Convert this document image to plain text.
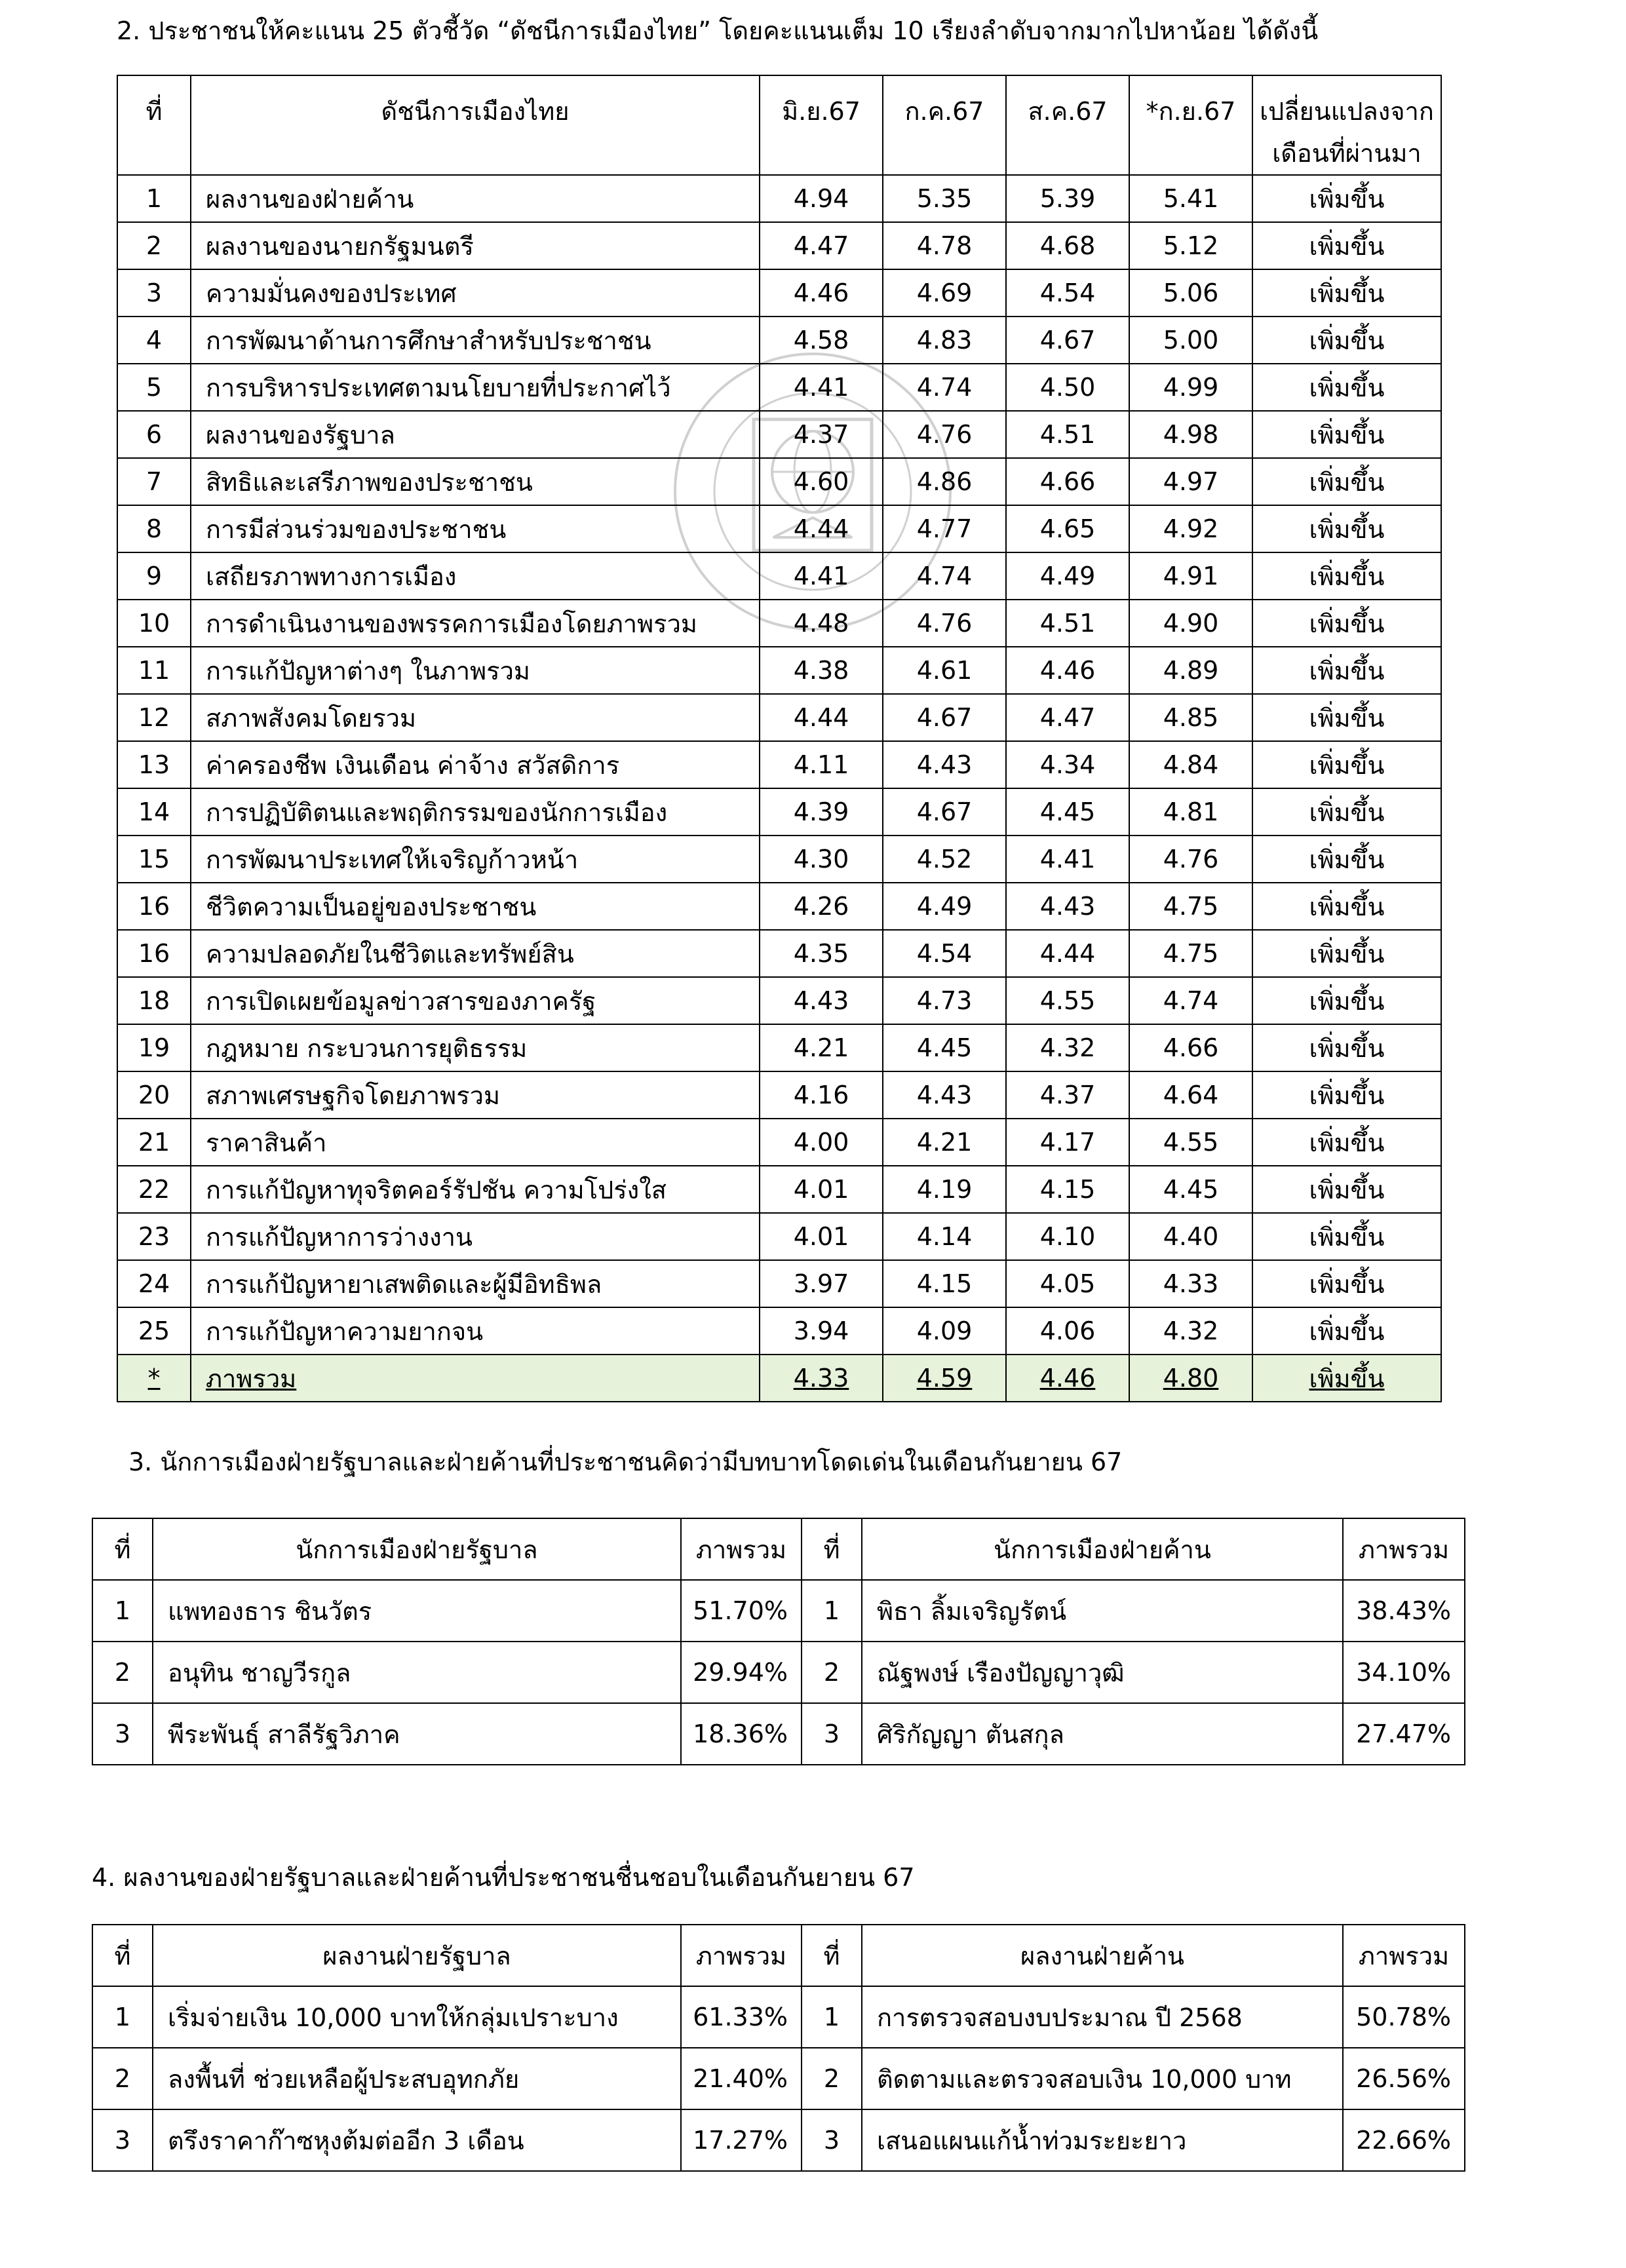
2. ประชาชนให้คะแนน 25 ตัวชี้วัด “ดัชนีการเมืองไทย” โดยคะแนนเต็ม 10 เรียงลำดับจากมากไปหาน้อย ได้ดังนี้
ที่	ดัชนีการเมืองไทย	มิ.ย.67	ก.ค.67	ส.ค.67	*ก.ย.67	เปลี่ยนแปลงจาก
เดือนที่ผ่านมา

1	ผลงานของฝ่ายค้าน	4.94	5.35	5.39	5.41	เพิ่มขึ้น
2	ผลงานของนายกรัฐมนตรี	4.47	4.78	4.68	5.12	เพิ่มขึ้น
3	ความมั่นคงของประเทศ	4.46	4.69	4.54	5.06	เพิ่มขึ้น
4	การพัฒนาด้านการศึกษาสำหรับประชาชน	4.58	4.83	4.67	5.00	เพิ่มขึ้น
5	การบริหารประเทศตามนโยบายที่ประกาศไว้	4.41	4.74	4.50	4.99	เพิ่มขึ้น
6	ผลงานของรัฐบาล	4.37	4.76	4.51	4.98	เพิ่มขึ้น
7	สิทธิและเสรีภาพของประชาชน	4.60	4.86	4.66	4.97	เพิ่มขึ้น
8	การมีส่วนร่วมของประชาชน	4.44	4.77	4.65	4.92	เพิ่มขึ้น
9	เสถียรภาพทางการเมือง	4.41	4.74	4.49	4.91	เพิ่มขึ้น
10	การดำเนินงานของพรรคการเมืองโดยภาพรวม	4.48	4.76	4.51	4.90	เพิ่มขึ้น
11	การแก้ปัญหาต่างๆ ในภาพรวม	4.38	4.61	4.46	4.89	เพิ่มขึ้น
12	สภาพสังคมโดยรวม	4.44	4.67	4.47	4.85	เพิ่มขึ้น
13	ค่าครองชีพ เงินเดือน ค่าจ้าง สวัสดิการ	4.11	4.43	4.34	4.84	เพิ่มขึ้น
14	การปฏิบัติตนและพฤติกรรมของนักการเมือง	4.39	4.67	4.45	4.81	เพิ่มขึ้น
15	การพัฒนาประเทศให้เจริญก้าวหน้า	4.30	4.52	4.41	4.76	เพิ่มขึ้น
16	ชีวิตความเป็นอยู่ของประชาชน	4.26	4.49	4.43	4.75	เพิ่มขึ้น
16	ความปลอดภัยในชีวิตและทรัพย์สิน	4.35	4.54	4.44	4.75	เพิ่มขึ้น
18	การเปิดเผยข้อมูลข่าวสารของภาครัฐ	4.43	4.73	4.55	4.74	เพิ่มขึ้น
19	กฎหมาย กระบวนการยุติธรรม	4.21	4.45	4.32	4.66	เพิ่มขึ้น
20	สภาพเศรษฐกิจโดยภาพรวม	4.16	4.43	4.37	4.64	เพิ่มขึ้น
21	ราคาสินค้า	4.00	4.21	4.17	4.55	เพิ่มขึ้น
22	การแก้ปัญหาทุจริตคอร์รัปชัน ความโปร่งใส	4.01	4.19	4.15	4.45	เพิ่มขึ้น
23	การแก้ปัญหาการว่างงาน	4.01	4.14	4.10	4.40	เพิ่มขึ้น
24	การแก้ปัญหายาเสพติดและผู้มีอิทธิพล	3.97	4.15	4.05	4.33	เพิ่มขึ้น
25	การแก้ปัญหาความยากจน	3.94	4.09	4.06	4.32	เพิ่มขึ้น
*	ภาพรวม	4.33	4.59	4.46	4.80	เพิ่มขึ้น
3. นักการเมืองฝ่ายรัฐบาลและฝ่ายค้านที่ประชาชนคิดว่ามีบทบาทโดดเด่นในเดือนกันยายน 67
ที่	นักการเมืองฝ่ายรัฐบาล	ภาพรวม	ที่	นักการเมืองฝ่ายค้าน	ภาพรวม
1	แพทองธาร ชินวัตร	51.70%	1	พิธา ลิ้มเจริญรัตน์	38.43%
2	อนุทิน ชาญวีรกูล	29.94%	2	ณัฐพงษ์ เรืองปัญญาวุฒิ	34.10%
3	พีระพันธุ์ สาลีรัฐวิภาค	18.36%	3	ศิริกัญญา ตันสกุล	27.47%
4. ผลงานของฝ่ายรัฐบาลและฝ่ายค้านที่ประชาชนชื่นชอบในเดือนกันยายน 67
ที่	ผลงานฝ่ายรัฐบาล	ภาพรวม	ที่	ผลงานฝ่ายค้าน	ภาพรวม
1	เริ่มจ่ายเงิน 10,000 บาทให้กลุ่มเปราะบาง	61.33%	1	การตรวจสอบงบประมาณ ปี 2568	50.78%
2	ลงพื้นที่ ช่วยเหลือผู้ประสบอุทกภัย	21.40%	2	ติดตามและตรวจสอบเงิน 10,000 บาท	26.56%
3	ตรึงราคาก๊าซหุงต้มต่ออีก 3 เดือน	17.27%	3	เสนอแผนแก้น้ำท่วมระยะยาว	22.66%
